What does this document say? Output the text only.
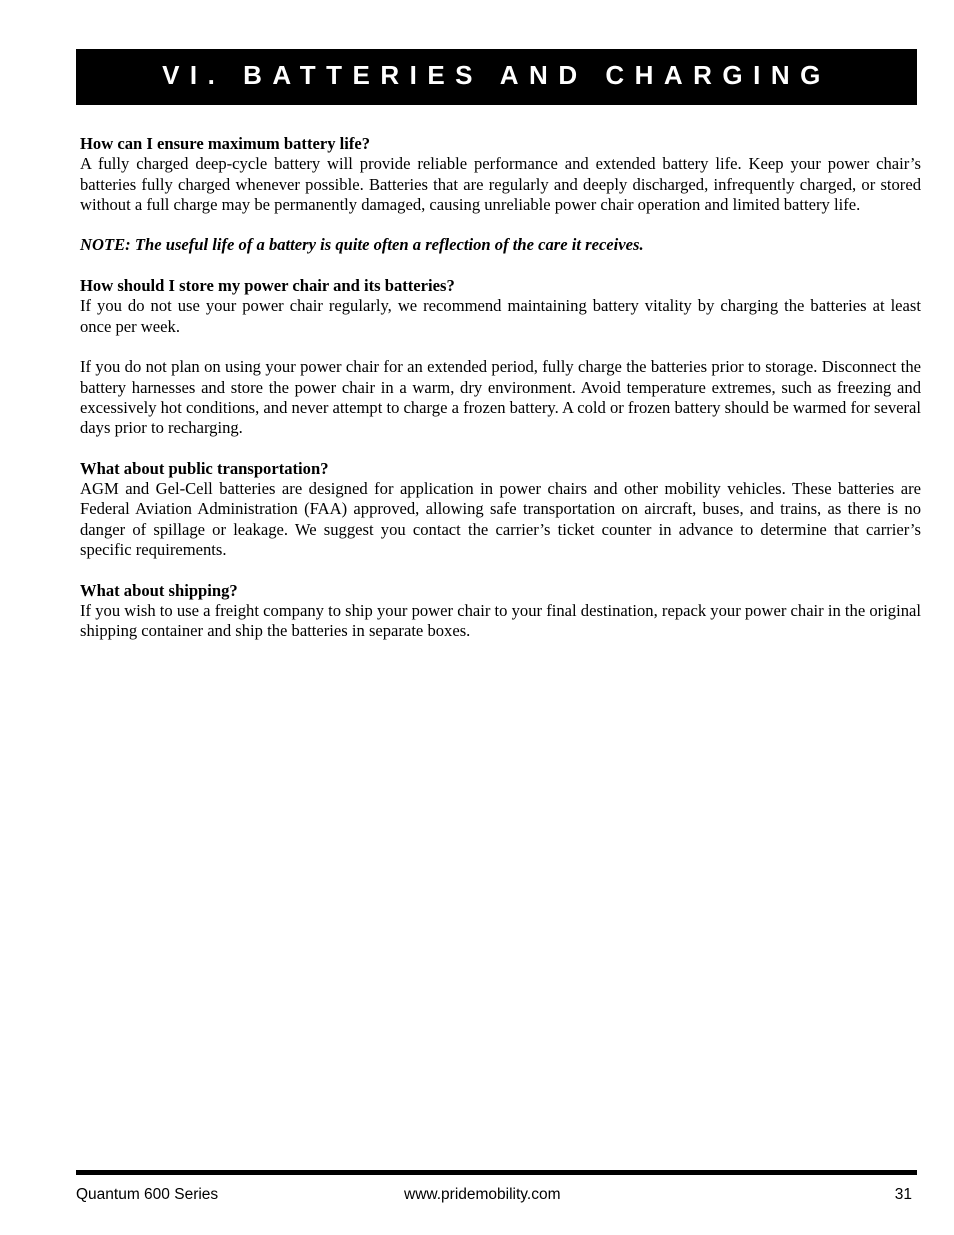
VI. BATTERIES AND CHARGING

How can I ensure maximum battery life?

A fully charged deep-cycle battery will provide reliable performance and extended battery life. Keep your power chair’s batteries fully charged whenever possible. Batteries that are regularly and deeply discharged, infrequently charged, or stored without a full charge may be permanently damaged, causing unreliable power chair operation and limited battery life.

NOTE: The useful life of a battery is quite often a reflection of the care it receives.

How should I store my power chair and its batteries?

If you do not use your power chair regularly, we recommend maintaining battery vitality by charging the batteries at least once per week.

If you do not plan on using your power chair for an extended period, fully charge the batteries prior to storage. Disconnect the battery harnesses and store the power chair in a warm, dry environment. Avoid temperature extremes, such as freezing and excessively hot conditions, and never attempt to charge a frozen battery. A cold or frozen battery should be warmed for several days prior to recharging.

What about public transportation?

AGM and Gel-Cell batteries are designed for application in power chairs and other mobility vehicles. These batteries are Federal Aviation Administration (FAA) approved, allowing safe transportation on aircraft, buses, and trains, as there is no danger of spillage or leakage. We suggest you contact the carrier’s ticket counter in advance to determine that carrier’s specific requirements.

What about shipping?

If you wish to use a freight company to ship your power chair to your final destination, repack your power chair in the original shipping container and ship the batteries in separate boxes.

Quantum 600 Series	www.pridemobility.com	31
